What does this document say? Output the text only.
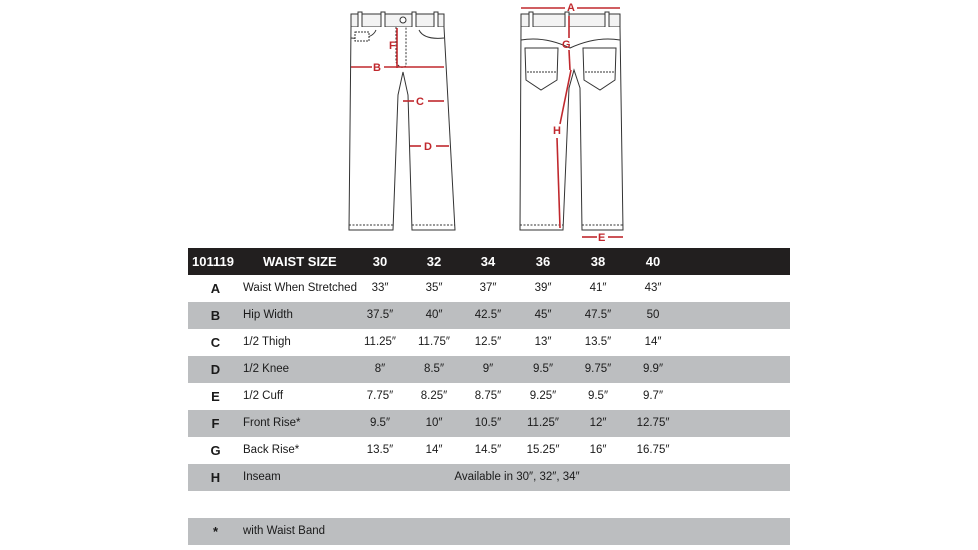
F
B
C
D
A
G
H
E
101119	WAIST SIZE	30	32	34	36	38	40
A	Waist When Stretched	33″	35″	37″	39″	41″	43″
B	Hip Width	37.5″	40″	42.5″	45″	47.5″	50
C	1/2 Thigh	11.25″	11.75″	12.5″	13″	13.5″	14″
D	1/2 Knee	8″	8.5″	9″	9.5″	9.75″	9.9″
E	1/2 Cuff	7.75″	8.25″	8.75″	9.25″	9.5″	9.7″
F	Front Rise*	9.5″	10″	10.5″	11.25″	12″	12.75″
G	Back Rise*	13.5″	14″	14.5″	15.25″	16″	16.75″
H	Inseam	Available in 30″, 32″, 34″
*	with Waist Band
